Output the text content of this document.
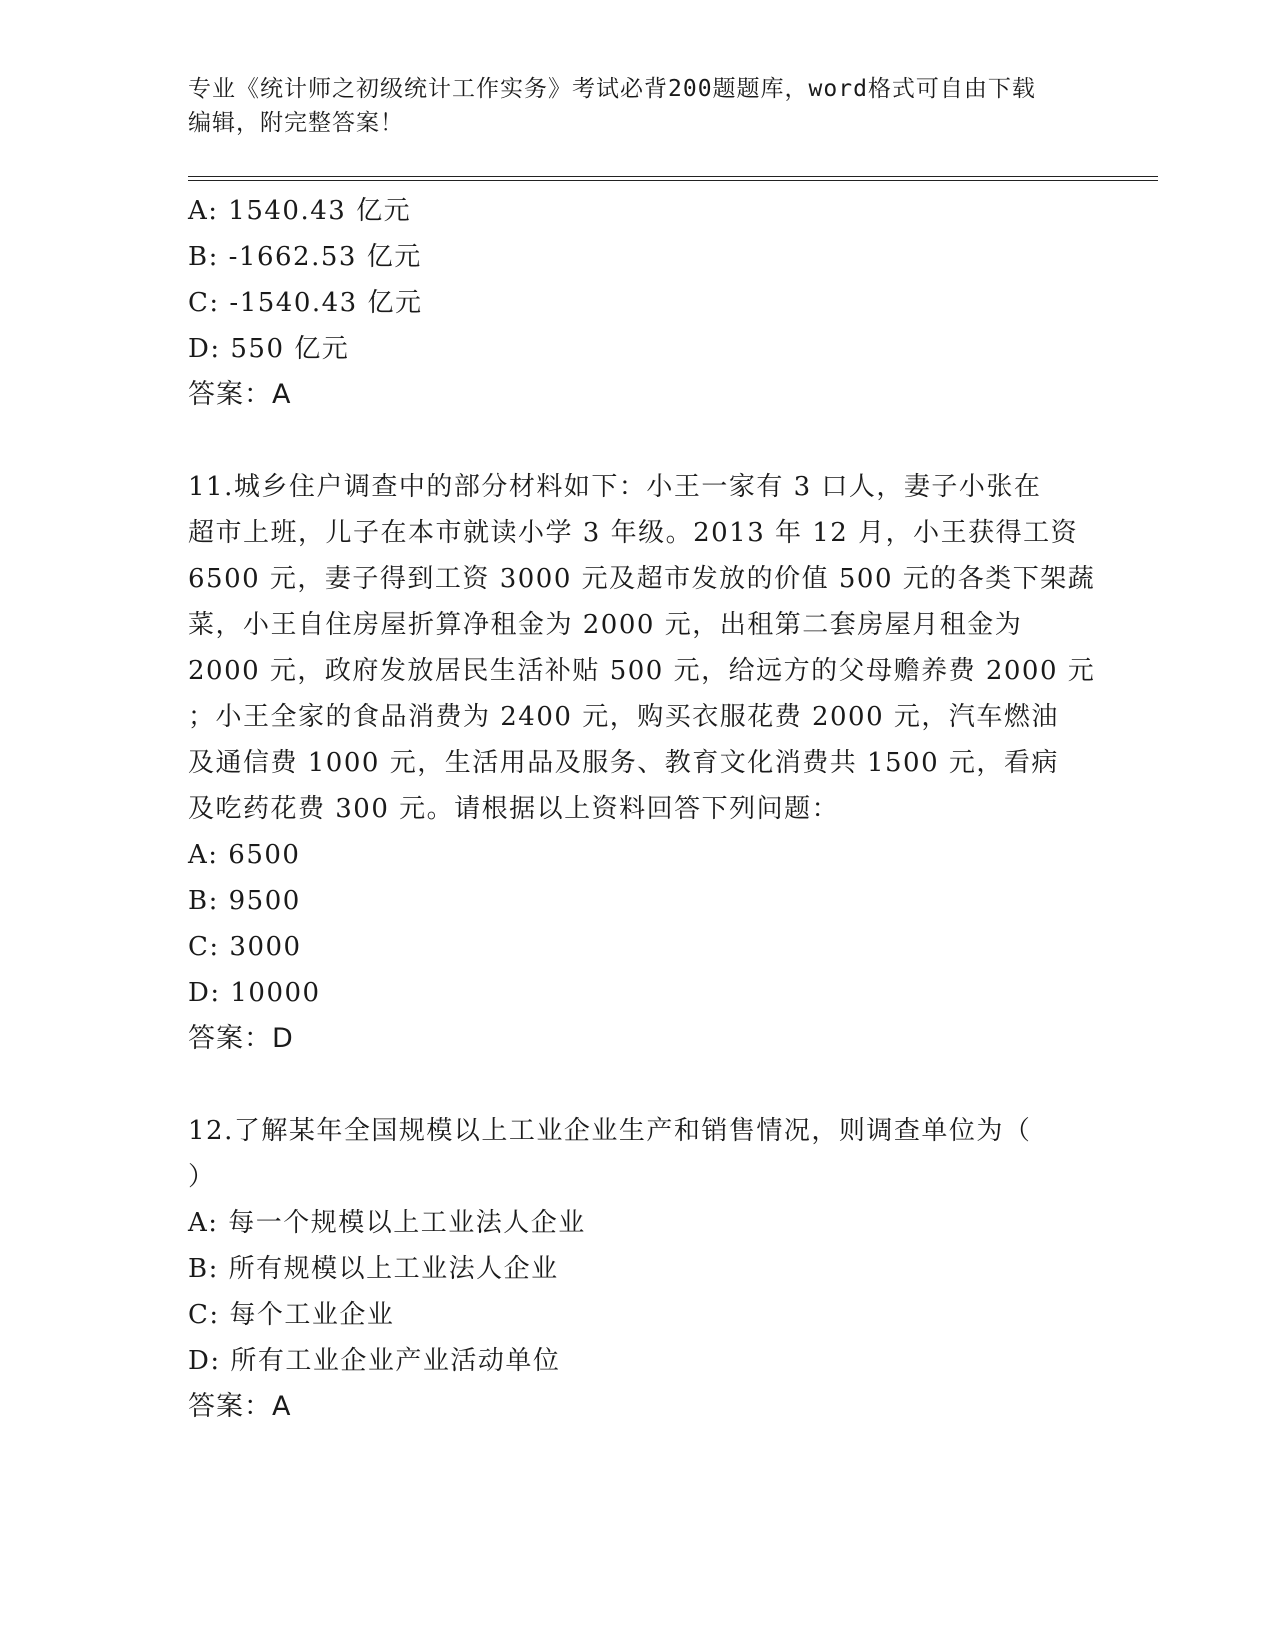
专业《统计师之初级统计工作实务》考试必背200题题库，word格式可自由下载
编辑，附完整答案！
A: 1540.43 亿元
B: -1662.53 亿元
C: -1540.43 亿元
D: 550 亿元
答案：A
11.城乡住户调查中的部分材料如下：小王一家有 3 口人，妻子小张在
超市上班，儿子在本市就读小学 3 年级。2013 年 12 月，小王获得工资
6500 元，妻子得到工资 3000 元及超市发放的价值 500 元的各类下架蔬
菜，小王自住房屋折算净租金为 2000 元，出租第二套房屋月租金为
2000 元，政府发放居民生活补贴 500 元，给远方的父母赡养费 2000 元
；小王全家的食品消费为 2400 元，购买衣服花费 2000 元，汽车燃油
及通信费 1000 元，生活用品及服务、教育文化消费共 1500 元，看病
及吃药花费 300 元。请根据以上资料回答下列问题：
A: 6500
B: 9500
C: 3000
D: 10000
答案：D
12.了解某年全国规模以上工业企业生产和销售情况，则调查单位为（
）
A: 每一个规模以上工业法人企业
B: 所有规模以上工业法人企业
C: 每个工业企业
D: 所有工业企业产业活动单位
答案：A
